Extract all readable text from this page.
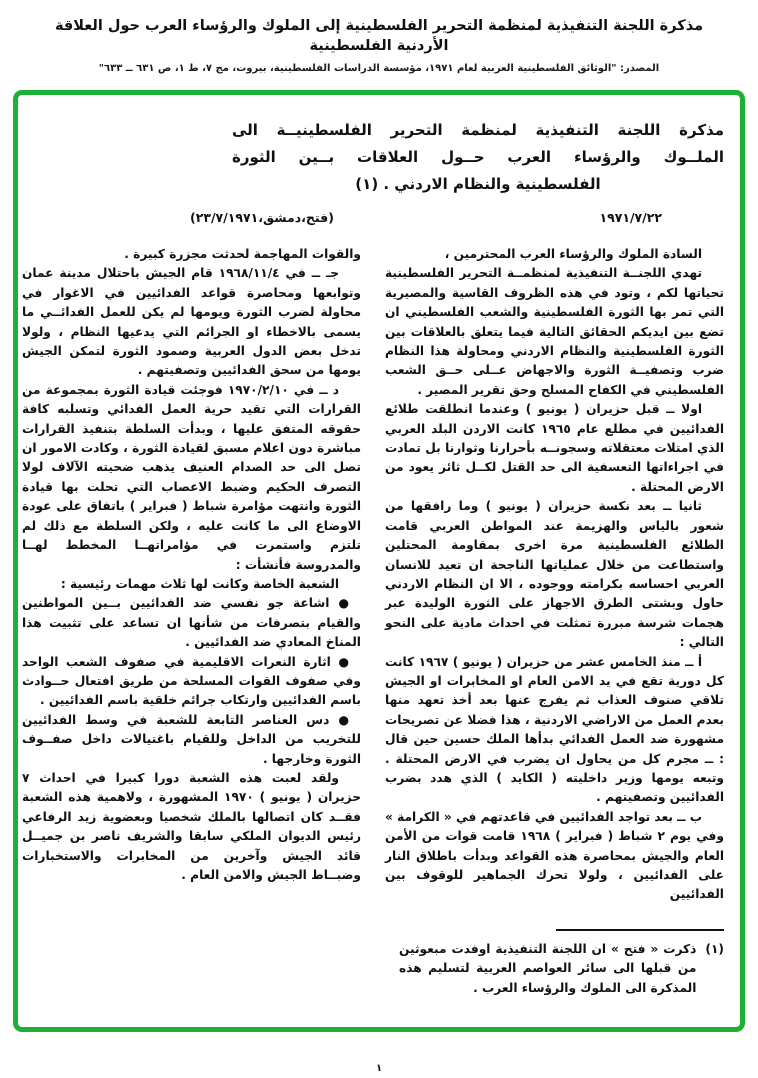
مذكرة اللجنة التنفيذية لمنظمة التحرير الفلسطينية إلى الملوك والرؤساء العرب حول العلاقة الأردنية الفلسطينية
المصدر: "الوثائق الفلسطينية العربية لعام ١٩٧١، مؤسسة الدراسات الفلسطينية، بيروت، مج ٧، ط ١، ص ٦٣١ ــ ٦٣٣"
مذكرة اللجنة التنفيذية لمنظمة التحرير الفلسطينيــة الى
الملــوك والرؤساء العرب حــول العلاقات بــين الثورة
الفلسطينية والنظام الاردني . (١)
١٩٧١/٧/٢٢
(فتح،دمشق،٢٣/٧/١٩٧١)

السادة الملوك والرؤساء العرب المحترمين ،

تهدي اللجنــة التنفيذية لمنظمــة التحرير الفلسطينية تحياتها لكم ، وتود في هذه الظروف القاسية والمصيرية التي تمر بها الثورة الفلسطينية والشعب الفلسطيني ان تضع بين ايديكم الحقائق التالية فيما يتعلق بالعلاقات بين الثورة الفلسطينية والنظام الاردني ومحاولة هذا النظام ضرب وتصفيــة الثورة والاجهاض عــلى حــق الشعب الفلسطيني في الكفاح المسلح وحق تقرير المصير .

اولا ــ قبل حزيران ( يونيو ) وعندما انطلقت طلائع الفدائيين في مطلع عام ١٩٦٥ كانت الاردن البلد العربي الذي امتلات معتقلاته وسجونــه بأحرارنا وثوارنا بل تمادت في اجراءاتها التعسفية الى حد القتل لكــل ثائر يعود من الارض المحتلة .

ثانيا ــ بعد نكسة حزيران ( يونيو ) وما رافقها من شعور بالياس والهزيمة عند المواطن العربي قامت الطلائع الفلسطينية مرة اخرى بمقاومة المحتلين واستطاعت من خلال عملياتها الناجحة ان تعيد للانسان العربي احساسه بكرامته ووجوده ، الا ان النظام الاردني حاول وبشتى الطرق الاجهاز على الثورة الوليدة عبر هجمات شرسة مبررة تمثلت في احداث مادية على النحو التالي :

أ ــ منذ الخامس عشر من حزيران ( يونيو ) ١٩٦٧ كانت كل دورية تقع في يد الامن العام او المخابرات او الجيش تلاقي صنوف العذاب ثم يفرج عنها بعد أخذ تعهد منها بعدم العمل من الاراضي الاردنية ، هذا فضلا عن تصريحات مشهورة ضد العمل الفدائي بدأها الملك حسين حين قال : ــ مجرم كل من يحاول ان يضرب في الارض المحتلة . وتبعه يومها وزير داخليته ( الكايد ) الذي هدد بضرب الفدائيين وتصفيتهم .

ب ــ بعد تواجد الفدائيين في قاعدتهم في « الكرامة » وفي يوم ٢ شباط ( فبراير ) ١٩٦٨ قامت قوات من الأمن العام والجيش بمحاصرة هذه القواعد وبدأت باطلاق النار على الفدائيين ، ولولا تحرك الجماهير للوقوف بين الفدائيين

(١)
ذكرت « فتح » ان اللجنة التنفيذية اوفدت مبعوثين من قبلها الى سائر العواصم العربية لتسليم هذه المذكرة الى الملوك والرؤساء العرب .

والقوات المهاجمة لحدثت مجزرة كبيرة .

جـ ــ في ١٩٦٨/١١/٤ قام الجيش باحتلال مدينة عمان وتوابعها ومحاصرة قواعد الفدائيين في الاغوار في محاولة لضرب الثورة ويومها لم يكن للعمل الفدائــي ما يسمى بالاخطاء او الجرائم التي يدعيها النظام ، ولولا تدخل بعض الدول العربية وصمود الثورة لتمكن الجيش يومها من سحق الفدائيين وتصفيتهم .

د ــ في ١٩٧٠/٢/١٠ فوجئت قيادة الثورة بمجموعة من القرارات التي تقيد حرية العمل الفدائي وتسلبه كافة حقوقه المتفق عليها ، وبدأت السلطة بتنفيذ القرارات مباشرة دون اعلام مسبق لقيادة الثورة ، وكادت الامور ان تصل الى حد الصدام العنيف يذهب ضحيته الآلاف لولا التصرف الحكيم وضبط الاعصاب التي تحلت بها قيادة الثورة وانتهت مؤامرة شباط ( فبراير ) باتفاق على عودة الاوضاع الى ما كانت عليه ، ولكن السلطة مع ذلك لم تلتزم واستمرت في مؤامراتهــا المخطط لهــا والمدروسة فأنشأت :

الشعبة الخاصة وكانت لها ثلاث مهمات رئيسية :

● اشاعة جو نفسي ضد الفدائيين بــين المواطنين والقيام بتصرفات من شأنها ان تساعد على تثبيت هذا المناخ المعادي ضد الفدائيين .

● اثارة النعرات الاقليمية في صفوف الشعب الواحد وفي صفوف القوات المسلحة من طريق افتعال حــوادث باسم الفدائيين وارتكاب جرائم خلقية باسم الفدائيين .

● دس العناصر التابعة للشعبة في وسط الفدائيين للتخريب من الداخل وللقيام باغتيالات داخل صفــوف الثورة وخارجها .

ولقد لعبت هذه الشعبة دورا كبيرا في احداث ٧ حزيران ( يونيو ) ١٩٧٠ المشهورة ، ولاهمية هذه الشعبة فقــد كان اتصالها بالملك شخصيا وبعضوية زيد الرفاعي رئيس الديوان الملكي سابقا والشريف ناصر بن جميــل قائد الجيش وآخرين من المخابرات والاستخبارات وضبــاط الجيش والامن العام .

١
